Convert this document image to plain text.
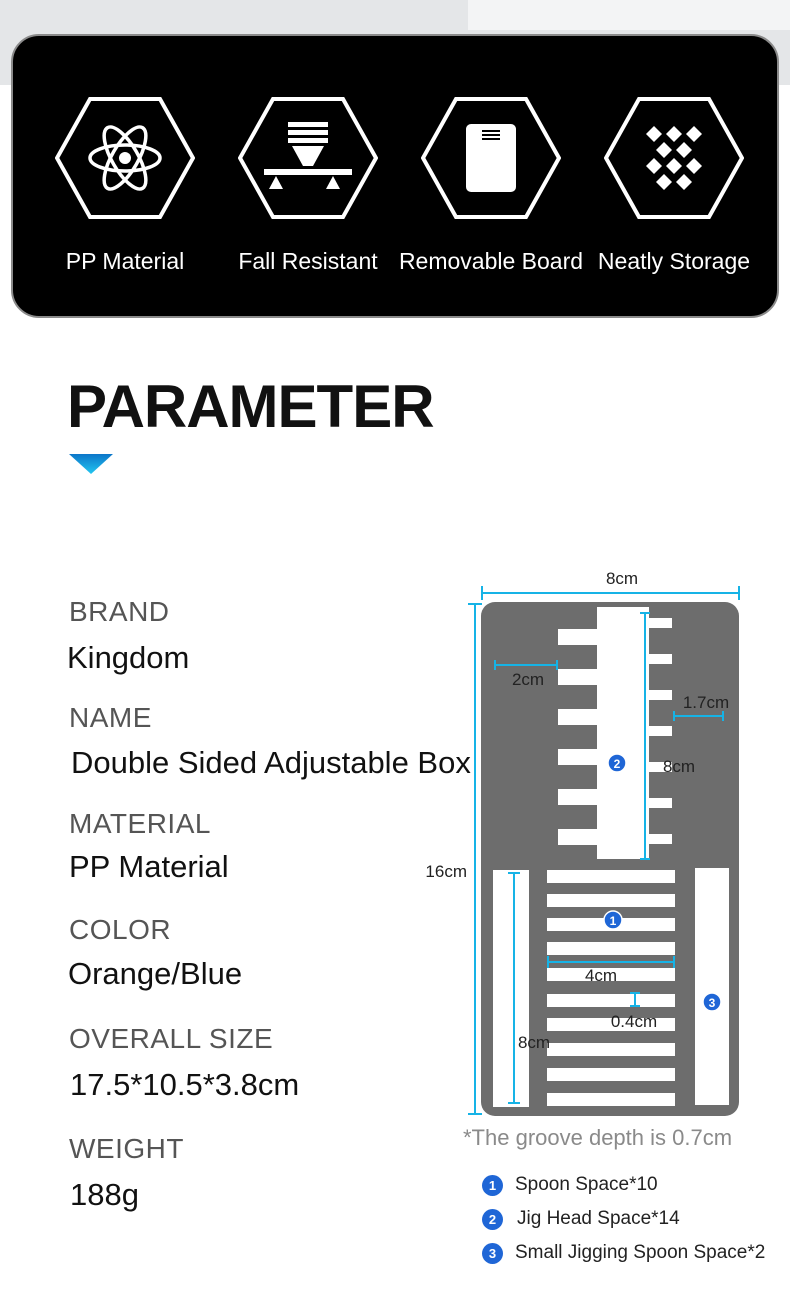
PP Material	Fall Resistant Removable Board Neatly Storage
PARAMETER
BRAND
Kingdom
NAME
Double Sided Adjustable Box
MATERIAL
PP Material
COLOR
Orange/Blue
OVERALL SIZE
17.5*10.5*3.8cm
WEIGHT
188g
8cm
16cm
2cm
1.7cm
8cm
4cm
0.4cm
8cm
2
1
3
*The groove depth is 0.7cm
1 Spoon Space*10
2	Jig Head Space*14
3 Small Jigging Spoon Space*2
